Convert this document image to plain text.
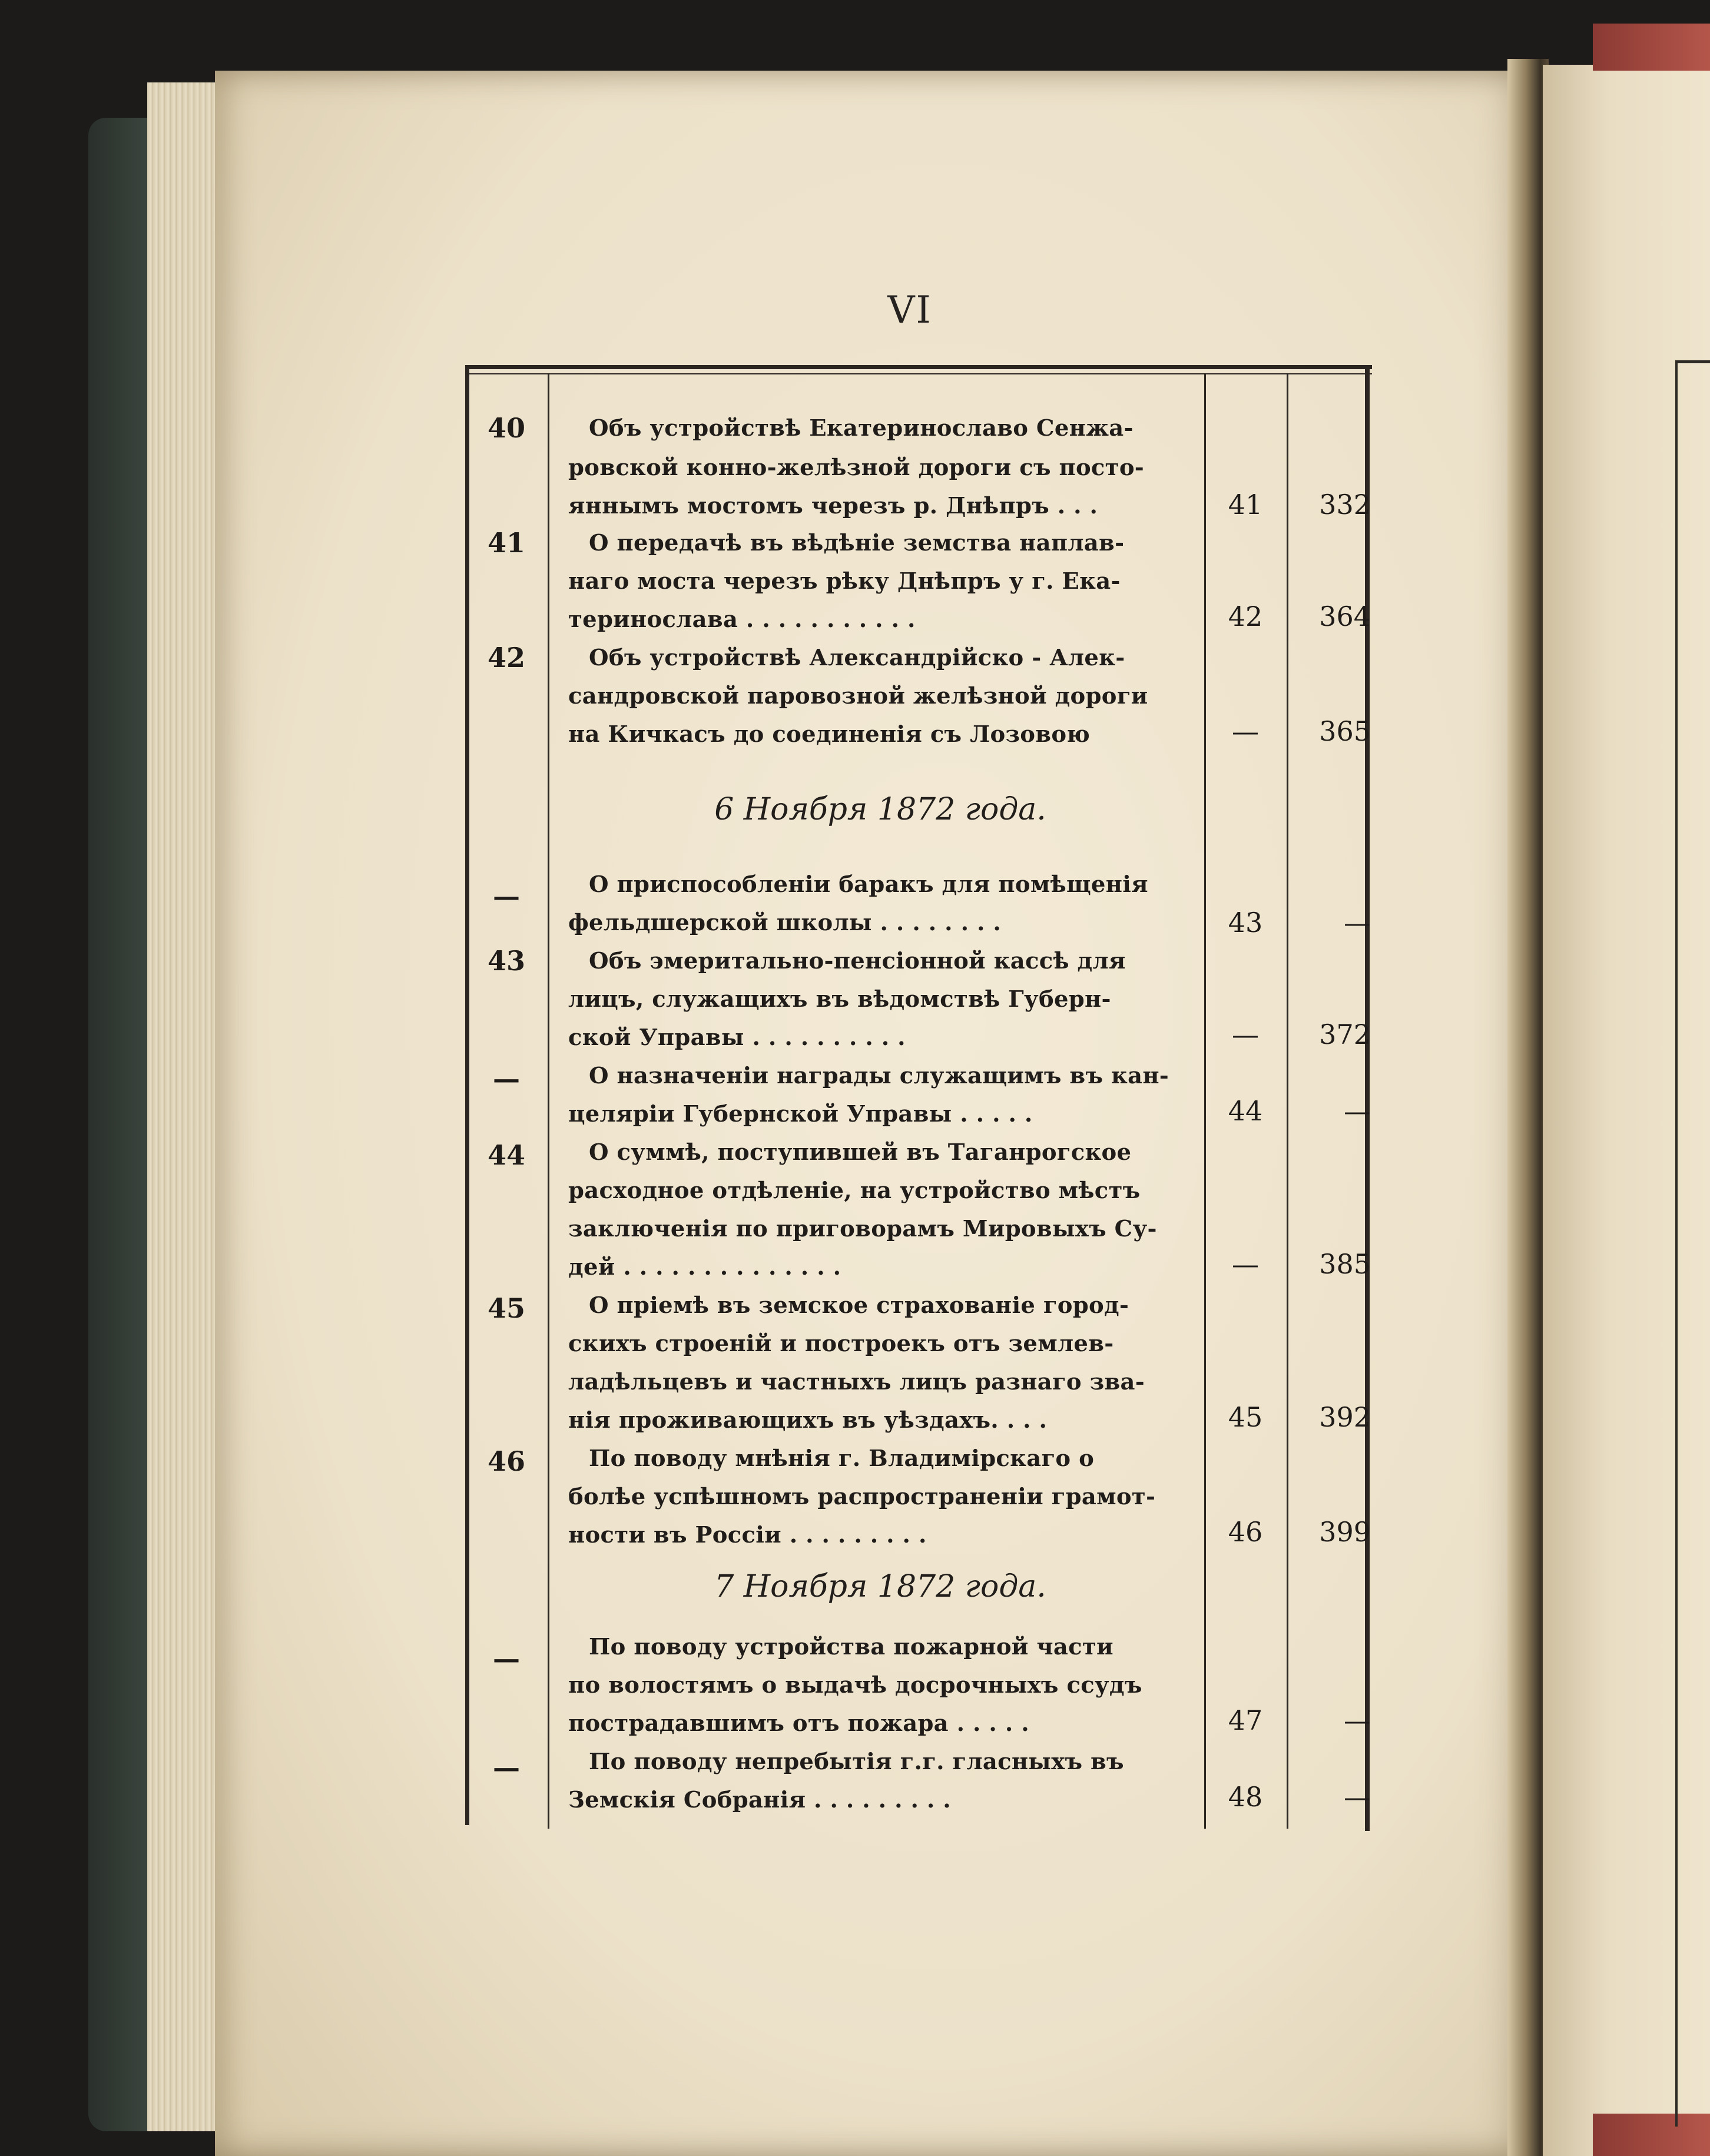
VI
40	Объ устройствѣ Екатеринославо Сенжа-
ровской конно-желѣзной дороги съ посто-
яннымъ мостомъ черезъ р. Днѣпръ . . .	41	332
41	О передачѣ въ вѣдѣніе земства наплав-
наго моста черезъ рѣку Днѣпръ у г. Ека-
теринослава . . . . . . . . . . .	42	364
42	Объ устройствѣ Александрійско - Алек-
сандровской паровозной желѣзной дороги
на Кичкасъ до соединенія съ Лозовою	—	365
6 Ноября 1872 года.
—	О приспособленіи баракъ для помѣщенія
фельдшерской школы . . . . . . . .	43	—
43	Объ эмеритально-пенсіонной кассѣ для
лицъ, служащихъ въ вѣдомствѣ Губерн-
ской Управы . . . . . . . . . .	—	372
—	О назначеніи награды служащимъ въ кан-
целяріи Губернской Управы . . . . .	44	—
44	О суммѣ, поступившей въ Таганрогское
расходное отдѣленіе, на устройство мѣстъ
заключенія по приговорамъ Мировыхъ Су-
дей . . . . . . . . . . . . . .	—	385
45	О пріемѣ въ земское страхованіе город-
скихъ строеній и построекъ отъ землев-
ладѣльцевъ и частныхъ лицъ разнаго зва-
нія проживающихъ въ уѣздахъ. . . .	45	392
46	По поводу мнѣнія г. Владимірскаго о
болѣе успѣшномъ распространеніи грамот-
ности въ Россіи . . . . . . . . .	46	399
7 Ноября 1872 года.
—	По поводу устройства пожарной части
по волостямъ о выдачѣ досрочныхъ ссудъ
пострадавшимъ отъ пожара . . . . .	47	—
—	По поводу непребытія г.г. гласныхъ въ
Земскія Собранія . . . . . . . . .	48	—
